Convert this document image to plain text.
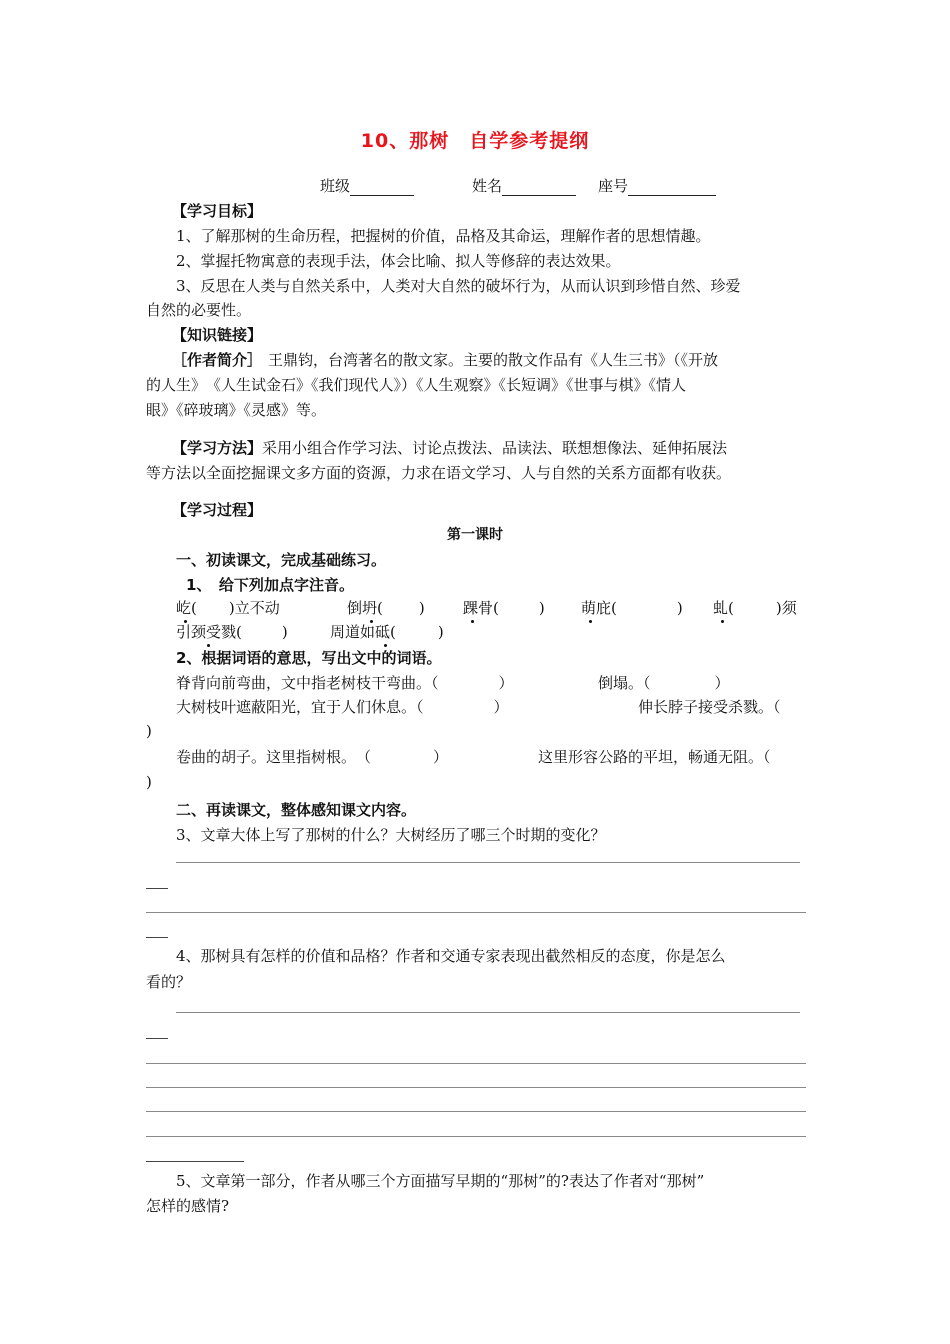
10、那树　自学参考提纲
班级	姓名	座号
【学习目标】
1、了解那树的生命历程，把握树的价值，品格及其命运，理解作者的思想情趣。
2、掌握托物寓意的表现手法，体会比喻、拟人等修辞的表达效果。
3、反思在人类与自然关系中，人类对大自然的破坏行为，从而认识到珍惜自然、珍爱
自然的必要性。
【知识链接】
［作者简介］ 王鼎钧，台湾著名的散文家。主要的散文作品有《人生三书》（《开放
的人生》　《人生试金石》《我们现代人》）《人生观察》《长短调》《世事与棋》《情人
眼》《碎玻璃》《灵感》等。
【学习方法】采用小组合作学习法、讨论点拨法、品读法、联想想像法、延伸拓展法
等方法以全面挖掘课文多方面的资源，力求在语文学习、人与自然的关系方面都有收获。
【学习过程】
第一课时
一、初读课文，完成基础练习。
1、　给下列加点字注音。
屹( )立不动	倒坍( )	踝骨(	) 萌庇(	) 虬(	)须
引颈受戮(	)	周道如砥(	)
2、根据词语的意思，写出文中的词语。
脊背向前弯曲，文中指老树枝干弯曲。（	）	倒塌。（	）
大树枝叶遮蔽阳光，宜于人们休息。（	）	伸长脖子接受杀戮。（
)
卷曲的胡子。这里指树根。　（	）	这里形容公路的平坦，畅通无阻。（
)
二、再读课文，整体感知课文内容。
3、文章大体上写了那树的什么？大树经历了哪三个时期的变化？
4、那树具有怎样的价值和品格？作者和交通专家表现出截然相反的态度，你是怎么
看的？
5、文章第一部分，作者从哪三个方面描写早期的“那树”的?表达了作者对“那树”
怎样的感情?
